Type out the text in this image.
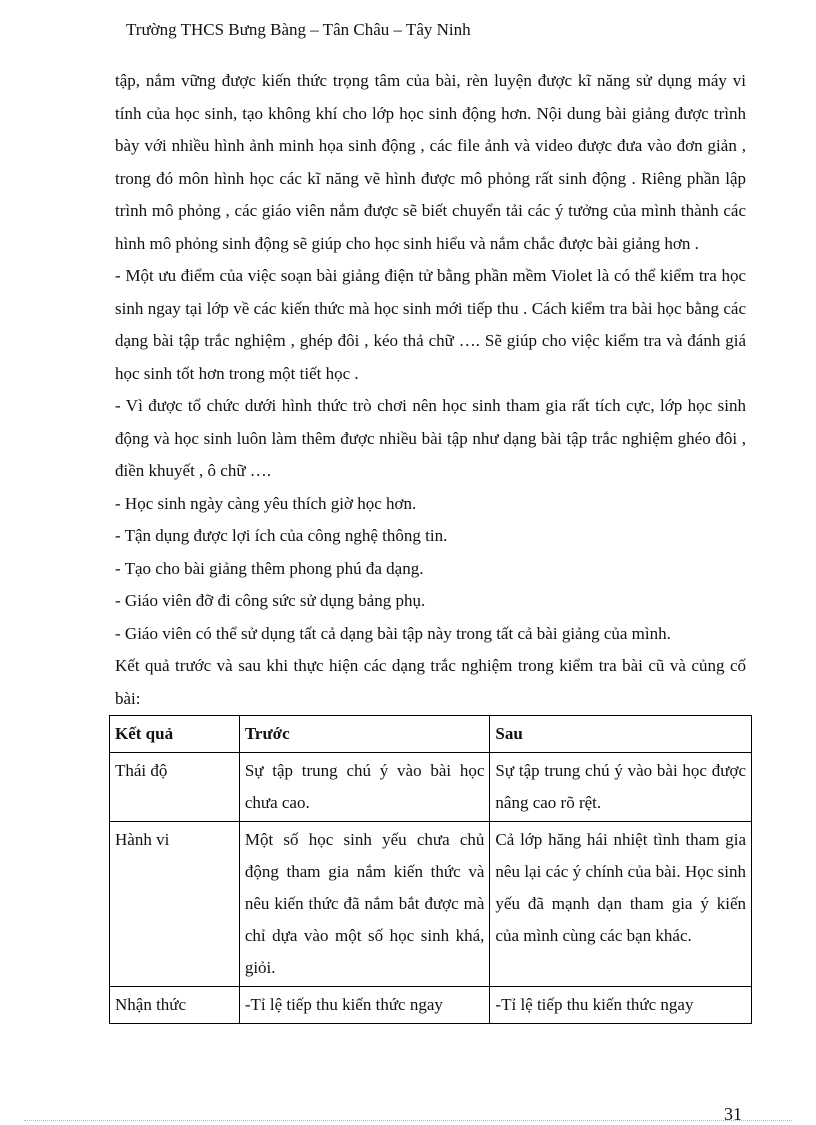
Trường THCS Bưng Bàng – Tân Châu – Tây Ninh

tập, nắm vững được kiến thức trọng tâm của bài, rèn luyện được kĩ năng sử dụng máy vi tính của học sinh, tạo không khí cho lớp học sinh động hơn. Nội dung bài giảng được trình bày với nhiều hình ảnh minh họa sinh động , các file ảnh và video được đưa vào đơn giản , trong đó môn hình học các kĩ năng vẽ hình được mô phỏng rất sinh động . Riêng phần lập trình mô phỏng , các giáo viên nắm được sẽ biết chuyển tải các ý tưởng của mình thành các hình mô phỏng sinh động sẽ giúp cho học sinh hiểu và nắm chắc được bài giảng hơn .

- Một ưu điểm của việc soạn bài giảng điện tử bằng phần mềm Violet là có thể kiểm tra học sinh ngay tại lớp về các kiến thức mà học sinh mới tiếp thu . Cách kiểm tra bài học bằng các dạng bài tập trắc nghiệm , ghép đôi , kéo thả chữ …. Sẽ giúp cho việc kiểm tra và đánh giá học sinh tốt hơn trong một tiết học .

- Vì được tổ chức dưới hình thức trò chơi nên học sinh tham gia rất tích cực, lớp học sinh động và học sinh luôn làm thêm được nhiều bài tập như dạng bài tập trắc nghiệm ghéo đôi , điền khuyết , ô chữ ….

- Học sinh ngày càng yêu thích giờ học hơn.

- Tận dụng được lợi ích của công nghệ thông tin.

- Tạo cho bài giảng thêm phong phú đa dạng.

- Giáo viên đỡ đi công sức sử dụng bảng phụ.

- Giáo viên có thể sử dụng tất cả dạng bài tập này trong tất cả bài giảng của mình.

Kết quả trước và sau khi thực hiện các dạng trắc nghiệm trong kiểm tra bài cũ và củng cố bài:

Kết quả	Trước	Sau
Thái độ	Sự tập trung chú ý vào bài học chưa cao.	Sự tập trung chú ý vào bài học được nâng cao rõ rệt.
Hành vi	Một số học sinh yếu chưa chủ động tham gia nắm kiến thức và nêu kiến thức đã nắm bắt được mà chỉ dựa vào một số học sinh khá, giỏi.	Cả lớp hăng hái nhiệt tình tham gia nêu lại các ý chính của bài. Học sinh yếu đã mạnh dạn tham gia ý kiến của mình cùng các bạn khác.
Nhận thức	-Tỉ lệ tiếp thu kiến thức ngay	-Tỉ lệ tiếp thu kiến thức ngay
31
